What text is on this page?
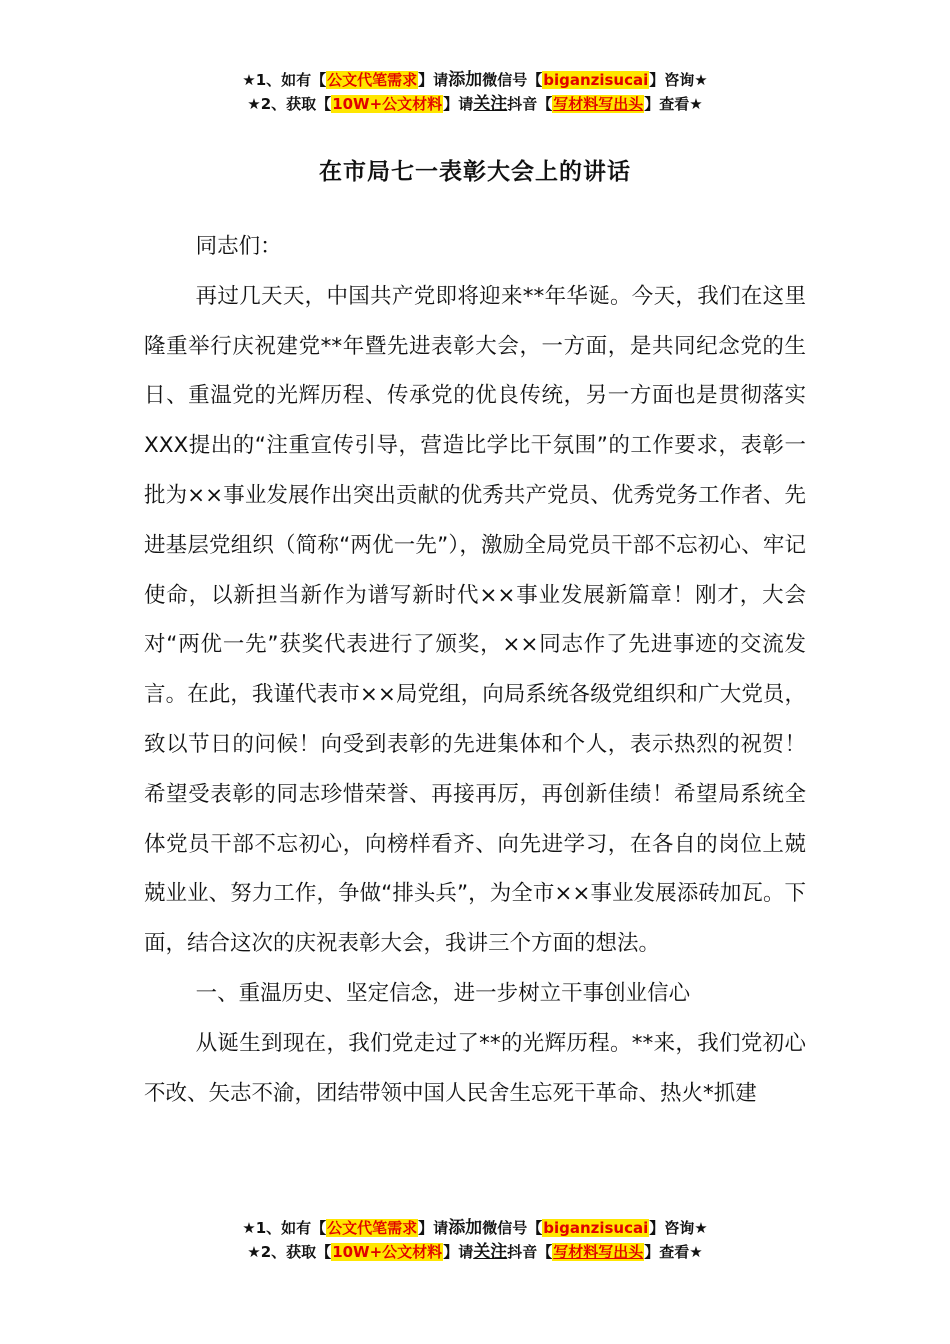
★1、如有【公文代笔需求】请添加微信号【biganzisucai】咨询★
★2、获取【10W+公文材料】请关注抖音【写材料写出头】查看★
在市局七一表彰大会上的讲话

同志们：

再过几天天，中国共产党即将迎来**年华诞。今天，我们在这里隆重举行庆祝建党**年暨先进表彰大会，一方面，是共同纪念党的生日、重温党的光辉历程、传承党的优良传统，另一方面也是贯彻落实XXX提出的“注重宣传引导，营造比学比干氛围”的工作要求，表彰一批为××事业发展作出突出贡献的优秀共产党员、优秀党务工作者、先进基层党组织（简称“两优一先”），激励全局党员干部不忘初心、牢记使命，以新担当新作为谱写新时代××事业发展新篇章！刚才，大会对“两优一先”获奖代表进行了颁奖，××同志作了先进事迹的交流发言。在此，我谨代表市××局党组，向局系统各级党组织和广大党员，致以节日的问候！向受到表彰的先进集体和个人，表示热烈的祝贺！希望受表彰的同志珍惜荣誉、再接再厉，再创新佳绩！希望局系统全体党员干部不忘初心，向榜样看齐、向先进学习，在各自的岗位上兢兢业业、努力工作，争做“排头兵”，为全市××事业发展添砖加瓦。下面，结合这次的庆祝表彰大会，我讲三个方面的想法。

一、重温历史、坚定信念，进一步树立干事创业信心

从诞生到现在，我们党走过了**的光辉历程。**来，我们党初心不改、矢志不渝，团结带领中国人民舍生忘死干革命、热火*抓建

★1、如有【公文代笔需求】请添加微信号【biganzisucai】咨询★
★2、获取【10W+公文材料】请关注抖音【写材料写出头】查看★
